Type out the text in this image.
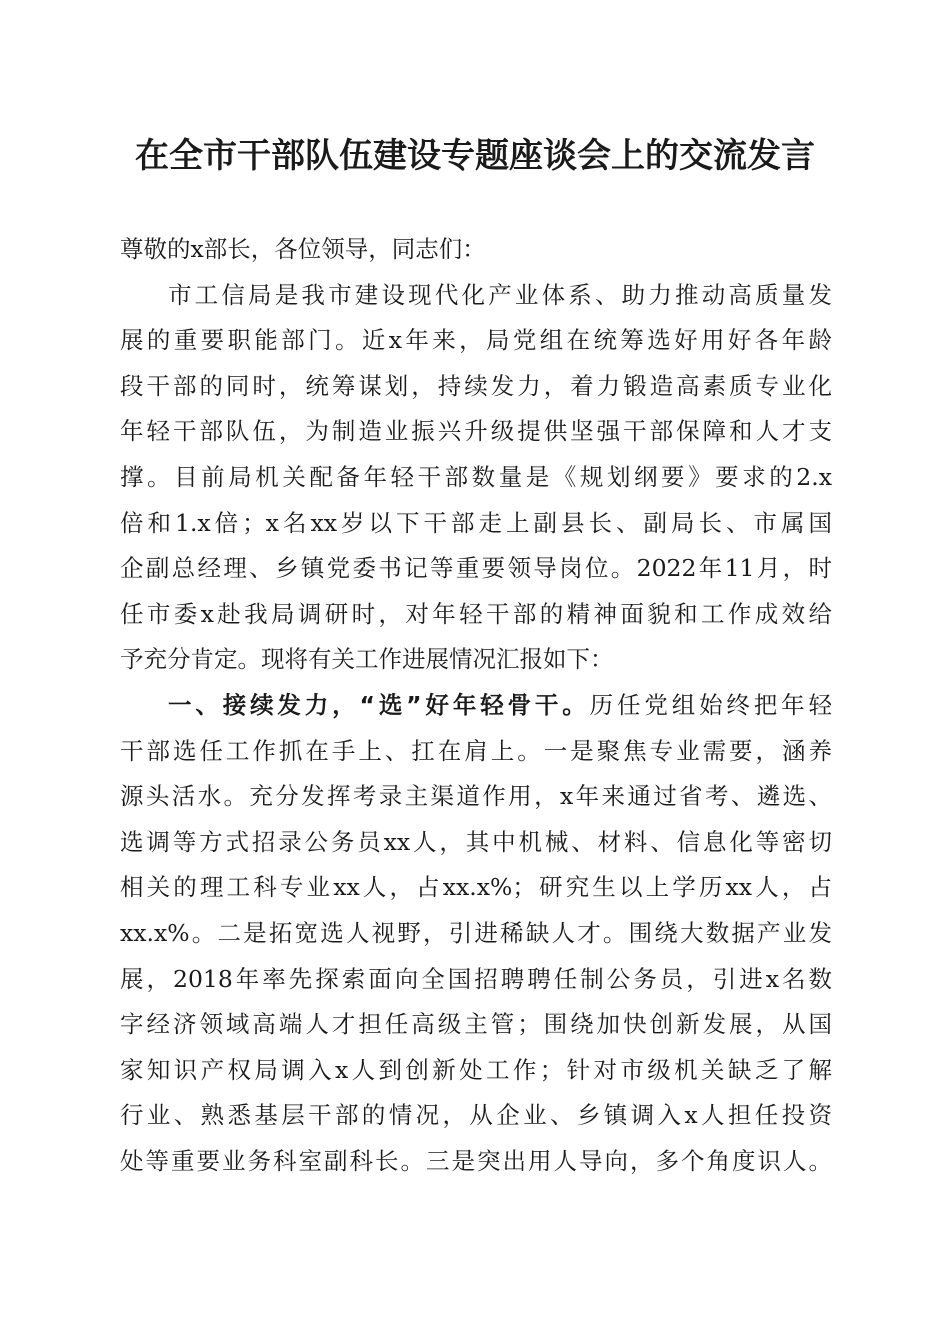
在全市干部队伍建设专题座谈会上的交流发言
尊敬的x部长，各位领导，同志们：
市工信局是我市建设现代化产业体系、助力推动高质量发
展的重要职能部门。近x年来，局党组在统筹选好用好各年龄
段干部的同时，统筹谋划，持续发力，着力锻造高素质专业化
年轻干部队伍，为制造业振兴升级提供坚强干部保障和人才支
撑。目前局机关配备年轻干部数量是《规划纲要》要求的2.x
倍和1.x倍；x名xx岁以下干部走上副县长、副局长、市属国
企副总经理、乡镇党委书记等重要领导岗位。2022年11月，时
任市委x赴我局调研时，对年轻干部的精神面貌和工作成效给
予充分肯定。现将有关工作进展情况汇报如下：
一、接续发力，“选”好年轻骨干。历任党组始终把年轻
干部选任工作抓在手上、扛在肩上。一是聚焦专业需要，涵养
源头活水。充分发挥考录主渠道作用，x年来通过省考、遴选、
选调等方式招录公务员xx人，其中机械、材料、信息化等密切
相关的理工科专业xx人，占xx.x%；研究生以上学历xx人，占
xx.x%。二是拓宽选人视野，引进稀缺人才。围绕大数据产业发
展，2018年率先探索面向全国招聘聘任制公务员，引进x名数
字经济领域高端人才担任高级主管；围绕加快创新发展，从国
家知识产权局调入x人到创新处工作；针对市级机关缺乏了解
行业、熟悉基层干部的情况，从企业、乡镇调入x人担任投资
处等重要业务科室副科长。三是突出用人导向，多个角度识人。
